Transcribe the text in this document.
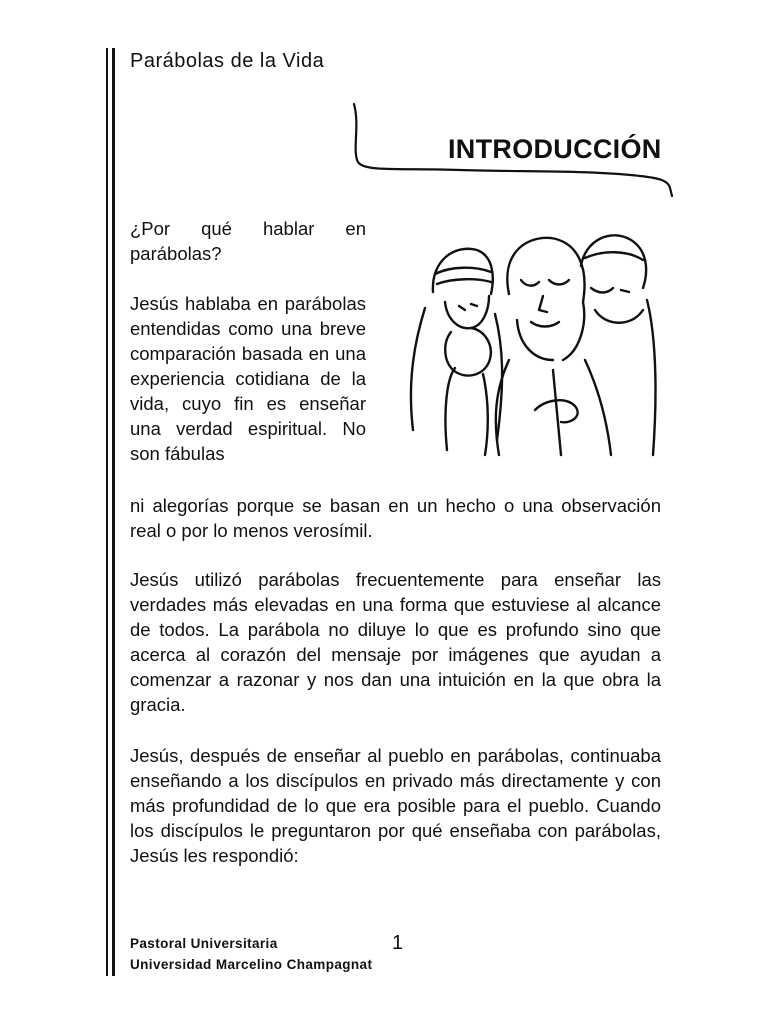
Parábolas de la Vida
INTRODUCCIÓN

¿Por qué hablar en parábolas?

Jesús hablaba en parábolas entendidas como una breve comparación basada en una experiencia cotidiana de la vida, cuyo fin es enseñar una verdad espiritual. No son fábulas

ni alegorías porque se basan en un hecho o una observación real o por lo menos verosímil.

Jesús utilizó parábolas frecuentemente para enseñar las verdades más elevadas en una forma que estuviese al alcance de todos. La parábola no diluye lo que es profundo sino que acerca al corazón del mensaje por imágenes que ayudan a comenzar a razonar y nos dan una intuición en la que obra la gracia.

Jesús, después de enseñar al pueblo en parábolas, continuaba enseñando a los discípulos en privado más directamente y con más profundidad de lo que era posible para el pueblo. Cuando los discípulos le preguntaron por qué enseñaba con parábolas, Jesús les respondió:

Pastoral Universitaria
Universidad Marcelino Champagnat
1
